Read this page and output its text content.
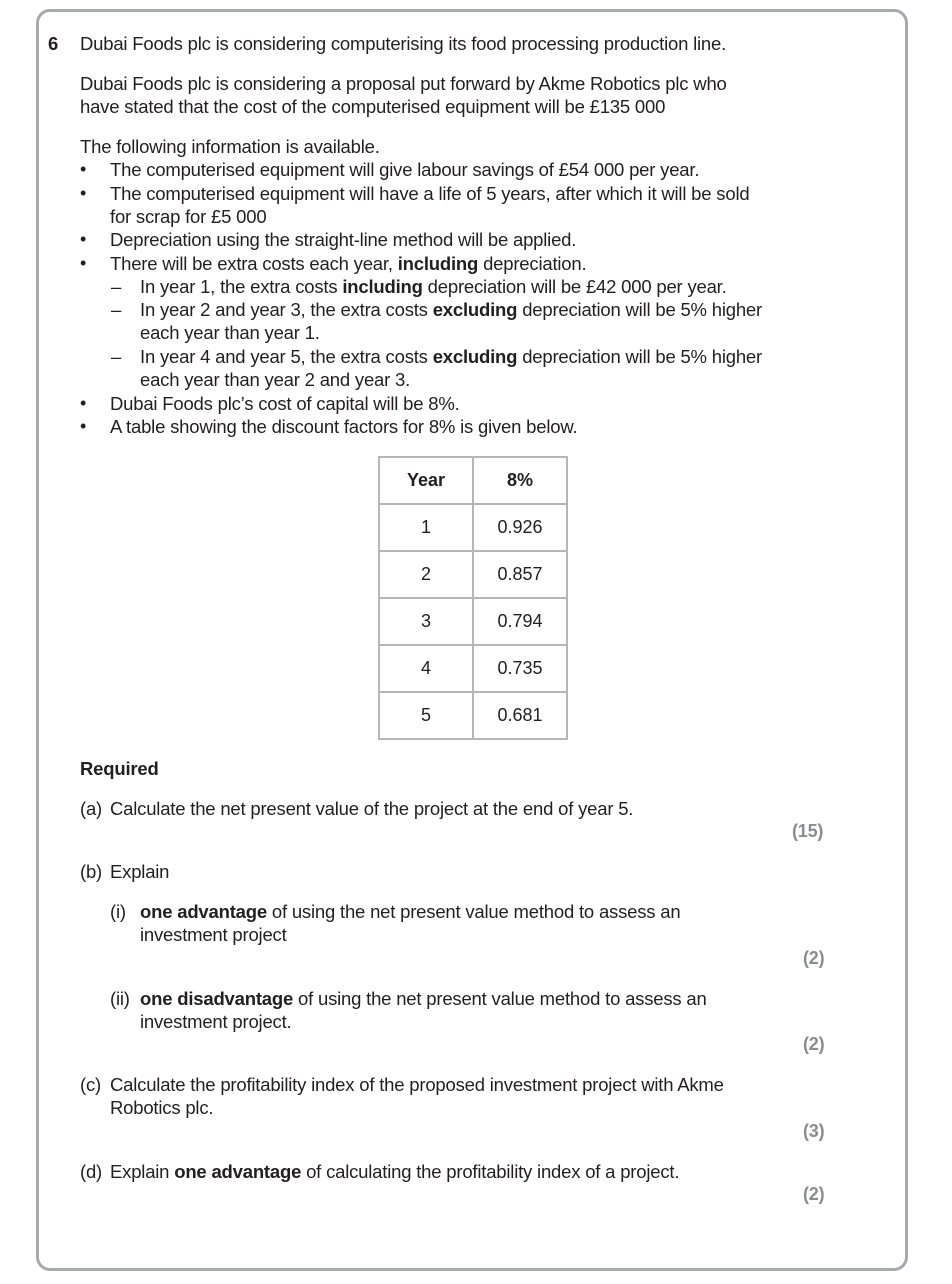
6 Dubai Foods plc is considering computerising its food processing production line.
Dubai Foods plc is considering a proposal put forward by Akme Robotics plc who
have stated that the cost of the computerised equipment will be £135 000
The following information is available.
• The computerised equipment will give labour savings of £54 000 per year.
• The computerised equipment will have a life of 5 years, after which it will be sold
for scrap for £5 000
• Depreciation using the straight-line method will be applied.
• There will be extra costs each year, including depreciation.
– In year 1, the extra costs including depreciation will be £42 000 per year.
– In year 2 and year 3, the extra costs excluding depreciation will be 5% higher
each year than year 1.
– In year 4 and year 5, the extra costs excluding depreciation will be 5% higher
each year than year 2 and year 3.
• Dubai Foods plc’s cost of capital will be 8%.
• A table showing the discount factors for 8% is given below.
Year	8%
1	0.926
2	0.857
3	0.794
4	0.735
5	0.681
Required
(a) Calculate the net present value of the project at the end of year 5.
(15)
(b) Explain
(i) one advantage of using the net present value method to assess an
investment project
(2)
(ii) one disadvantage of using the net present value method to assess an
investment project.
(2)
(c) Calculate the profitability index of the proposed investment project with Akme
Robotics plc.
(3)
(d) Explain one advantage of calculating the profitability index of a project.
(2)
